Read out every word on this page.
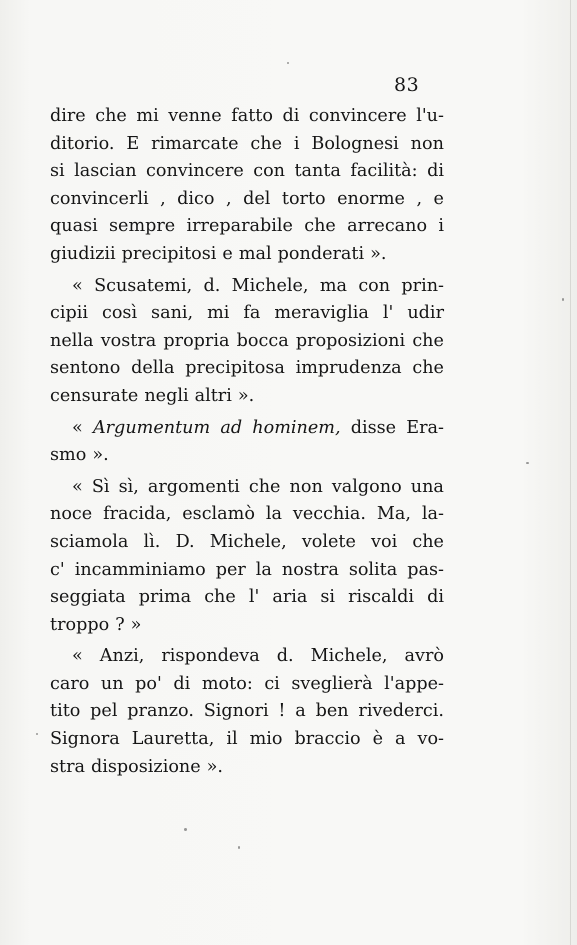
83
dire che mi venne fatto di convincere l'u-
ditorio. E rimarcate che i Bolognesi non
si lascian convincere con tanta facilità: di
convincerli , dico , del torto enorme , e
quasi sempre irreparabile che arrecano i
giudizii precipitosi e mal ponderati ».
« Scusatemi, d. Michele, ma con prin-
cipii così sani, mi fa meraviglia l' udir
nella vostra propria bocca proposizioni che
sentono della precipitosa imprudenza che
censurate negli altri ».
« Argumentum ad hominem, disse Era-
smo ».
« Sì sì, argomenti che non valgono una
noce fracida, esclamò la vecchia. Ma, la-
sciamola lì. D. Michele, volete voi che
c' incamminiamo per la nostra solita pas-
seggiata prima che l' aria si riscaldi di
troppo ? »
« Anzi, rispondeva d. Michele, avrò
caro un po' di moto: ci sveglierà l'appe-
tito pel pranzo. Signori ! a ben rivederci.
Signora Lauretta, il mio braccio è a vo-
stra disposizione ».
